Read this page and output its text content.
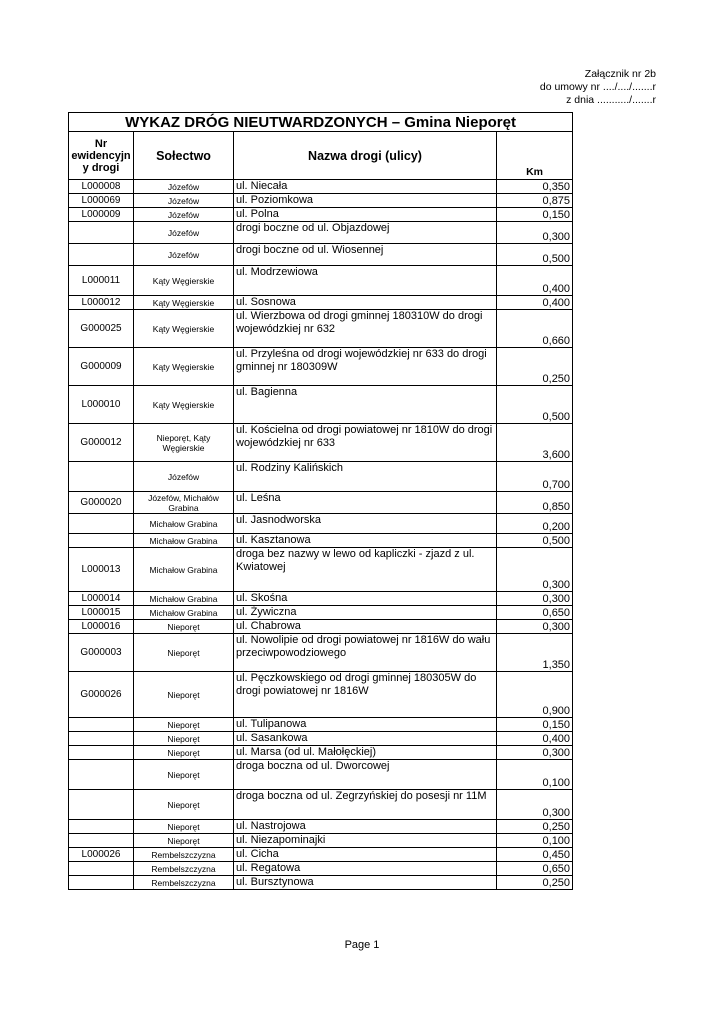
Załącznik nr 2b
do umowy nr ..../..../.......r
z dnia .........../.......r
WYKAZ DRÓG NIEUTWARDZONYCH – Gmina Nieporęt			

Nr
ewidencyjn
y drogi	Sołectwo	Nazwa drogi (ulicy)	Km
L000008	Józefów	ul. Niecała	0,350
L000069	Józefów	ul. Poziomkowa	0,875
L000009	Józefów	ul. Polna	0,150
	Józefów	drogi boczne od ul. Objazdowej	0,300
	Józefów	drogi boczne od ul. Wiosennej	0,500
L000011	Kąty Węgierskie	ul. Modrzewiowa	0,400
L000012	Kąty Węgierskie	ul. Sosnowa	0,400
G000025	Kąty Węgierskie	ul. Wierzbowa od drogi gminnej 180310W do drogi wojewódzkiej nr 632	0,660
G000009	Kąty Węgierskie	ul. Przyleśna od drogi wojewódzkiej nr 633 do drogi gminnej nr 180309W	0,250
L000010	Kąty Węgierskie	ul. Bagienna	0,500
G000012	Nieporęt, Kąty Węgierskie	ul. Kościelna od drogi powiatowej nr 1810W do drogi wojewódzkiej nr 633	3,600
	Józefów	ul. Rodziny Kalińskich	0,700
G000020	Józefów, Michałów Grabina	ul. Leśna	0,850
	Michałow Grabina	ul. Jasnodworska	0,200
	Michałow Grabina	ul. Kasztanowa	0,500
L000013	Michałow Grabina	droga bez nazwy w lewo od kapliczki - zjazd z ul. Kwiatowej	0,300
L000014	Michałow Grabina	ul. Skośna	0,300
L000015	Michałow Grabina	ul. Żywiczna	0,650
L000016	Nieporęt	ul. Chabrowa	0,300
G000003	Nieporęt	ul. Nowolipie od drogi powiatowej nr 1816W do wału przeciwpowodziowego	1,350
G000026	Nieporęt	ul. Pęczkowskiego od drogi gminnej 180305W do drogi powiatowej nr 1816W	0,900
	Nieporęt	ul. Tulipanowa	0,150
	Nieporęt	ul. Sasankowa	0,400
	Nieporęt	ul. Marsa (od ul. Małołęckiej)	0,300
	Nieporęt	droga boczna od ul. Dworcowej	0,100
	Nieporęt	droga boczna od ul. Zegrzyńskiej do posesji nr 11M	0,300
	Nieporęt	ul. Nastrojowa	0,250
	Nieporęt	ul. Niezapominajki	0,100
L000026	Rembelszczyzna	ul. Cicha	0,450
	Rembelszczyzna	ul. Regatowa	0,650
	Rembelszczyzna	ul. Bursztynowa	0,250
Page 1
